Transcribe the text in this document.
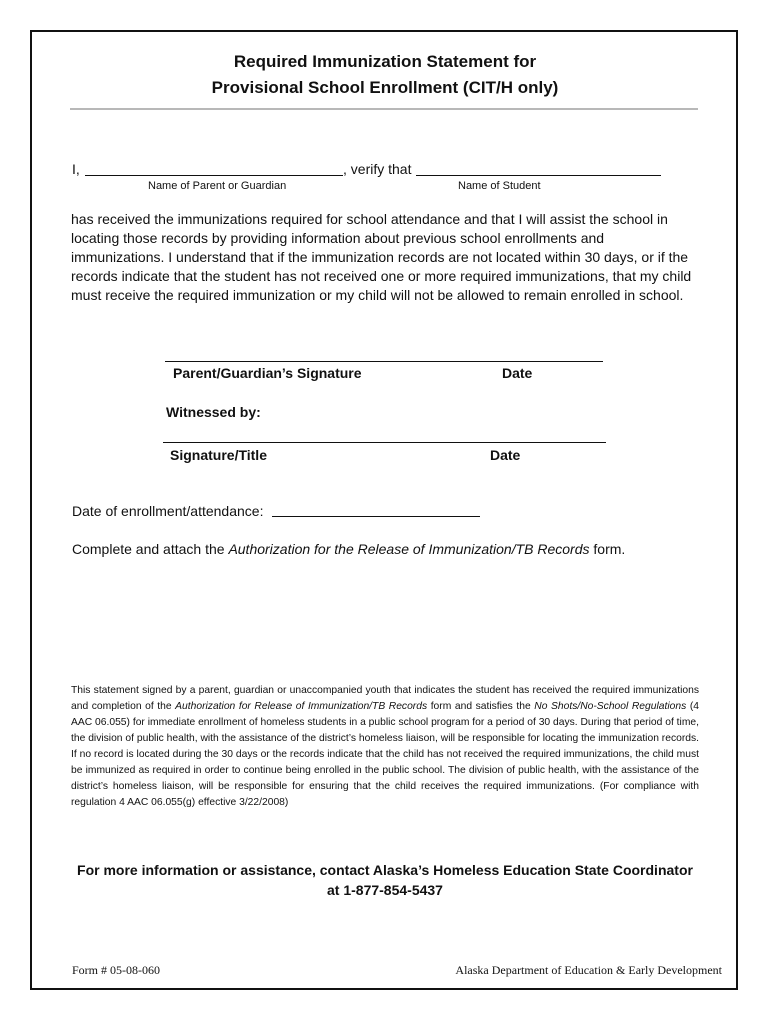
Required Immunization Statement for
Provisional School Enrollment (CIT/H only)
I,	, verify that
Name of Parent or Guardian	Name of Student
has received the immunizations required for school attendance and that I will assist the school in
locating those records by providing information about previous school enrollments and
immunizations. I understand that if the immunization records are not located within 30 days, or if the
records indicate that the student has not received one or more required immunizations, that my child
must receive the required immunization or my child will not be allowed to remain enrolled in school.
Parent/Guardian’s Signature	Date
Witnessed by:
Signature/Title	Date
Date of enrollment/attendance:
Complete and attach the Authorization for the Release of Immunization/TB Records form.
This statement signed by a parent, guardian or unaccompanied youth that indicates the student has received the required immunizations and completion of the Authorization for Release of Immunization/TB Records form and satisfies the No Shots/No-School Regulations (4 AAC 06.055) for immediate enrollment of homeless students in a public school program for a period of 30 days. During that period of time, the division of public health, with the assistance of the district’s homeless liaison, will be responsible for locating the immunization records. If no record is located during the 30 days or the records indicate that the child has not received the required immunizations, the child must be immunized as required in order to continue being enrolled in the public school. The division of public health, with the assistance of the district’s homeless liaison, will be responsible for ensuring that the child receives the required immunizations. (For compliance with regulation 4 AAC 06.055(g) effective 3/22/2008)
For more information or assistance, contact Alaska’s Homeless Education State Coordinator
at 1-877-854-5437
Form # 05-08-060	Alaska Department of Education & Early Development
